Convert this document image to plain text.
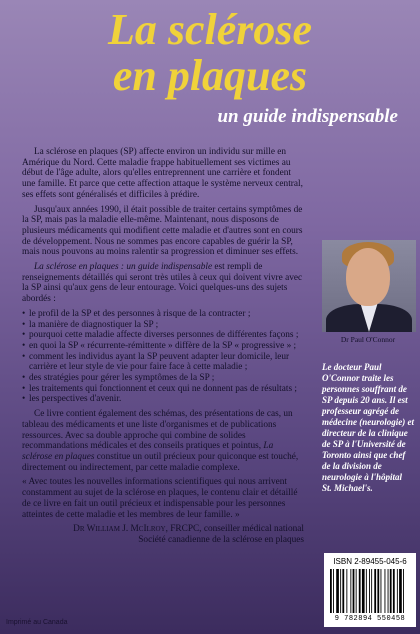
La sclérose
en plaques
un guide indispensable

La sclérose en plaques (SP) affecte environ un individu sur mille en Amérique du Nord. Cette maladie frappe habituellement ses victimes au début de l'âge adulte, alors qu'elles entreprennent une carrière et fondent une famille. Et parce que cette affection attaque le système nerveux central, ses effets sont généralisés et difficiles à prédire.

Jusqu'aux années 1990, il était possible de traiter certains symptômes de la SP, mais pas la maladie elle-même. Maintenant, nous disposons de plusieurs médicaments qui modifient cette maladie et d'autres sont en cours de développement. Nous ne sommes pas encore capables de guérir la SP, mais nous pouvons au moins ralentir sa progression et diminuer ses effets.

La sclérose en plaques : un guide indispensable est rempli de renseignements détaillés qui seront très utiles à ceux qui doivent vivre avec la SP ainsi qu'aux gens de leur entourage. Voici quelques-uns des sujets abordés :

• le profil de la SP et des personnes à risque de la contracter ;
• la manière de diagnostiquer la SP ;
• pourquoi cette maladie affecte diverses personnes de différentes façons ;
• en quoi la SP « récurrente-rémittente » diffère de la SP « progressive » ;
• comment les individus ayant la SP peuvent adapter leur domicile, leur carrière et leur style de vie pour faire face à cette maladie ;
• des stratégies pour gérer les symptômes de la SP ;
• les traitements qui fonctionnent et ceux qui ne donnent pas de résultats ;
• les perspectives d'avenir.

Ce livre contient également des schémas, des présentations de cas, un tableau des médicaments et une liste d'organismes et de publications ressources. Avec sa double approche qui combine de solides recommandations médicales et des conseils pratiques et pointus, La sclérose en plaques constitue un outil précieux pour quiconque est touché, directement ou indirectement, par cette maladie complexe.

« Avec toutes les nouvelles informations scientifiques qui nous arrivent constamment au sujet de la sclérose en plaques, le contenu clair et détaillé de ce livre en fait un outil précieux et indispensable pour les personnes atteintes de cette maladie et les membres de leur famille. »

Dr William J. McIlroy, FRCPC, conseiller médical national
Société canadienne de la sclérose en plaques
Dr Paul O'Connor
Le docteur Paul O'Connor traite les personnes souffrant de SP depuis 20 ans. Il est professeur agrégé de médecine (neurologie) et directeur de la clinique de SP à l'Université de Toronto ainsi que chef de la division de neurologie à l'hôpital St. Michael's.
ISBN 2-89455-045-6
9 782894 550458
Imprimé au Canada
